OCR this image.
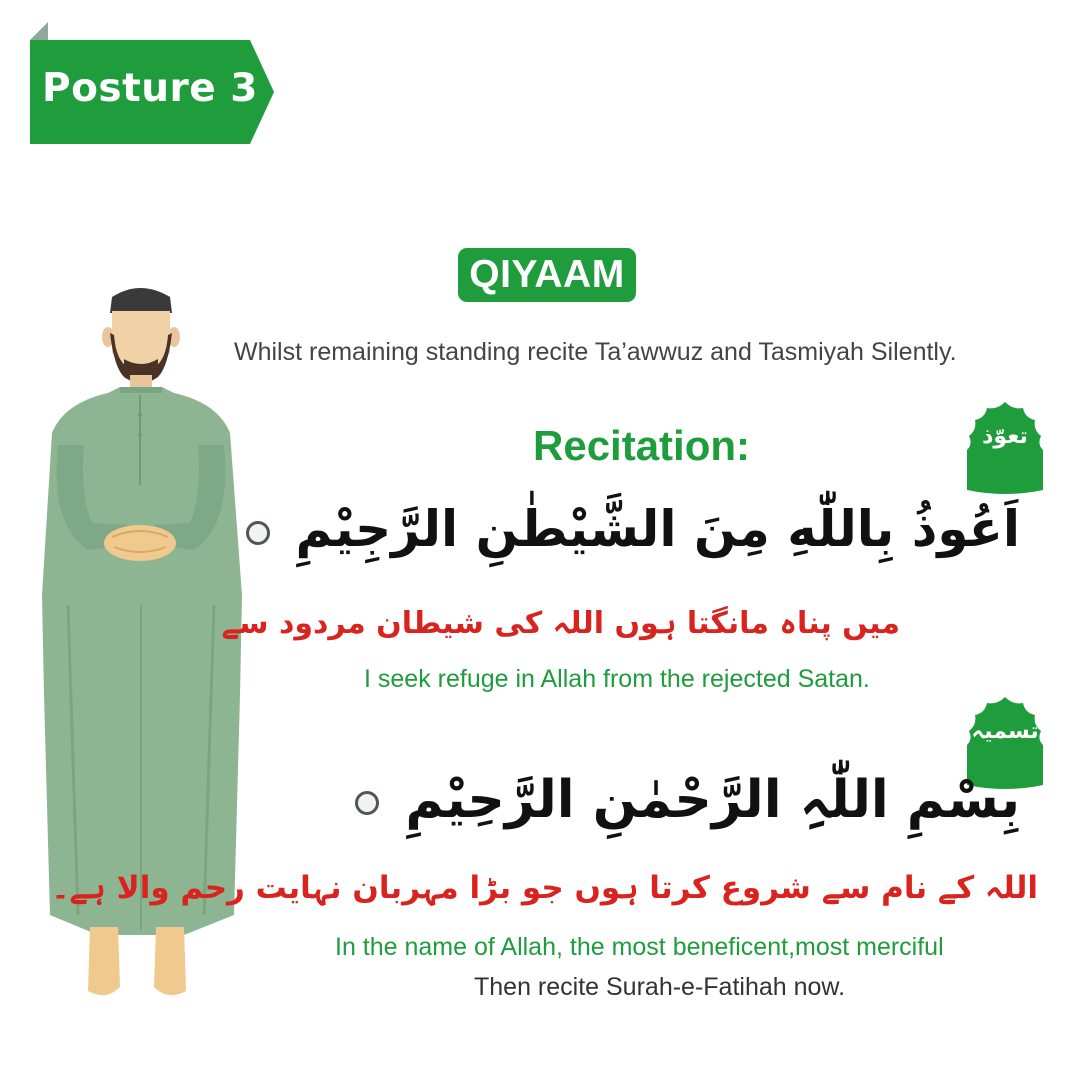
Posture 3
QIYAAM
Whilst remaining standing recite Ta’awwuz and Tasmiyah Silently.
Recitation:	تعوّذ
اَعُوذُ بِاللّٰهِ مِنَ الشَّیْطٰنِ الرَّجِیْمِ
میں پناہ مانگتا ہوں اللہ کی شیطان مردود سے
I seek refuge in Allah from the rejected Satan.
تسمیہ
بِسْمِ اللّٰہِ الرَّحْمٰنِ الرَّحِیْمِ
اللہ کے نام سے شروع کرتا ہوں جو بڑا مہربان نہایت رحم والا ہے۔
In the name of Allah, the most beneficent,most merciful
Then recite Surah-e-Fatihah now.
